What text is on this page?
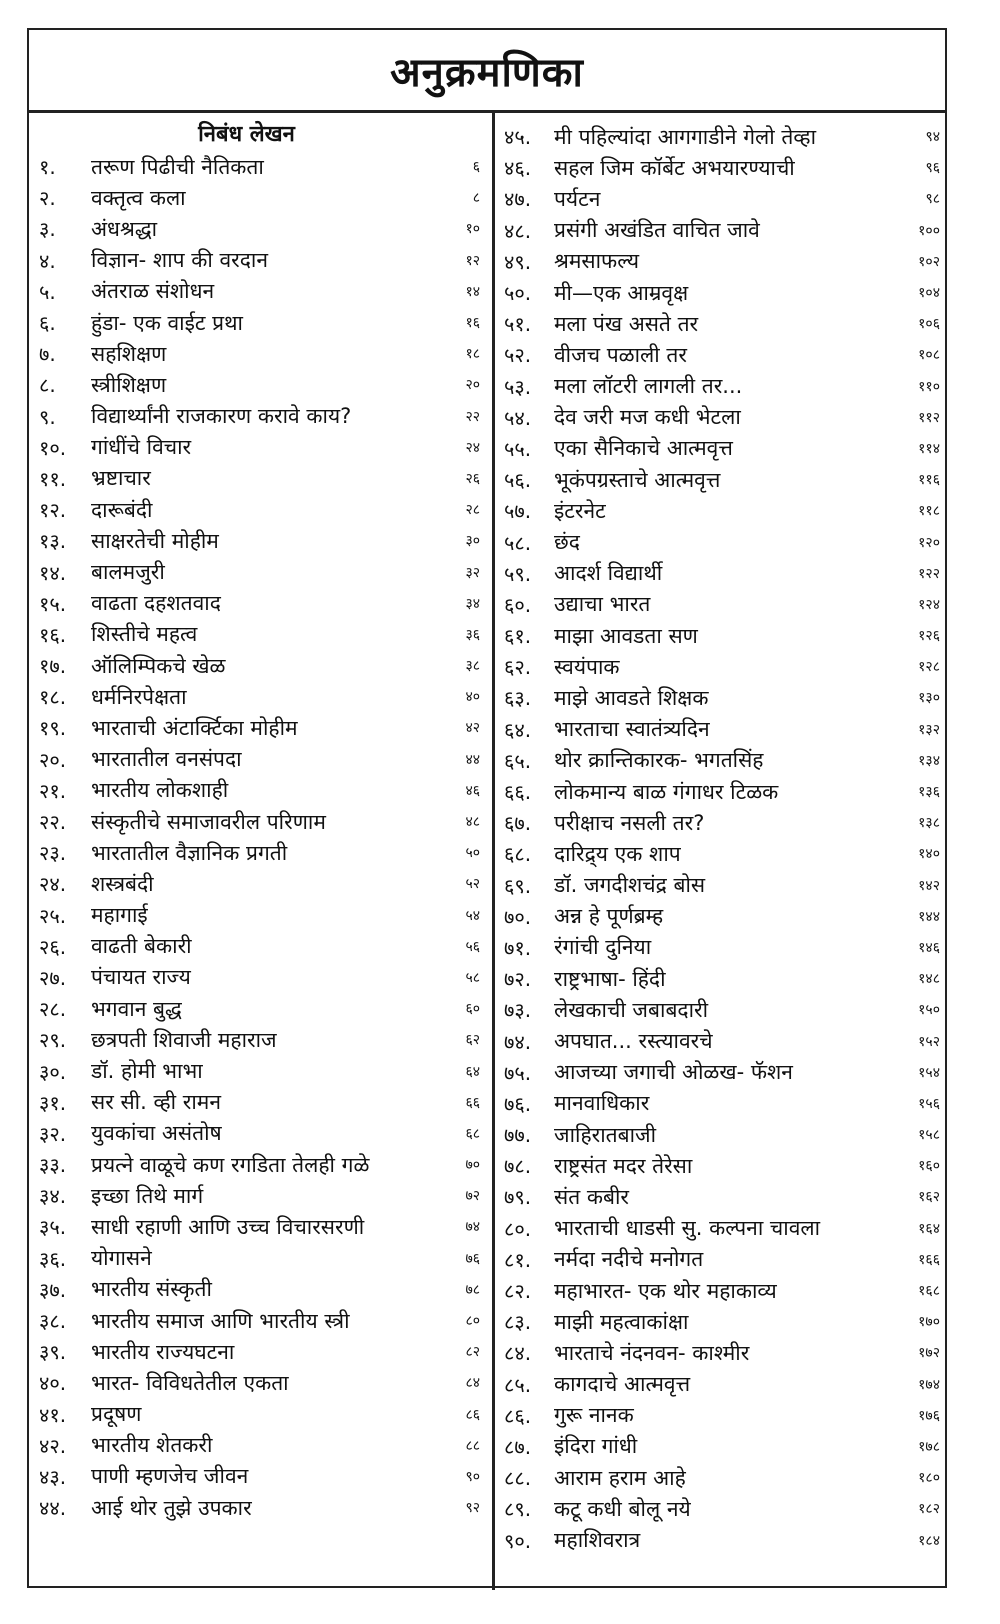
अनुक्रमणिका
निबंध लेखन
१.	तरूण पिढीची नैतिकता	६
२.	वक्तृत्व कला	८
३.	अंधश्रद्धा	१०
४.	विज्ञान- शाप की वरदान	१२
५.	अंतराळ संशोधन	१४
६.	हुंडा- एक वाईट प्रथा	१६
७.	सहशिक्षण	१८
८.	स्त्रीशिक्षण	२०
९.	विद्यार्थ्यांनी राजकारण करावे काय?	२२
१०.	गांधींचे विचार	२४
११.	भ्रष्टाचार	२६
१२.	दारूबंदी	२८
१३.	साक्षरतेची मोहीम	३०
१४.	बालमजुरी	३२
१५.	वाढता दहशतवाद	३४
१६.	शिस्तीचे महत्व	३६
१७.	ऑलिम्पिकचे खेळ	३८
१८.	धर्मनिरपेक्षता	४०
१९.	भारताची अंटार्क्टिका मोहीम	४२
२०.	भारतातील वनसंपदा	४४
२१.	भारतीय लोकशाही	४६
२२.	संस्कृतीचे समाजावरील परिणाम	४८
२३.	भारतातील वैज्ञानिक प्रगती	५०
२४.	शस्त्रबंदी	५२
२५.	महागाई	५४
२६.	वाढती बेकारी	५६
२७.	पंचायत राज्य	५८
२८.	भगवान बुद्ध	६०
२९.	छत्रपती शिवाजी महाराज	६२
३०.	डॉ. होमी भाभा	६४
३१.	सर सी. व्ही रामन	६६
३२.	युवकांचा असंतोष	६८
३३.	प्रयत्ने वाळूचे कण रगडिता तेलही गळे	७०
३४.	इच्छा तिथे मार्ग	७२
३५.	साधी रहाणी आणि उच्च विचारसरणी	७४
३६.	योगासने	७६
३७.	भारतीय संस्कृती	७८
३८.	भारतीय समाज आणि भारतीय स्त्री	८०
३९.	भारतीय राज्यघटना	८२
४०.	भारत- विविधतेतील एकता	८४
४१.	प्रदूषण	८६
४२.	भारतीय शेतकरी	८८
४३.	पाणी म्हणजेच जीवन	९०
४४.	आई थोर तुझे उपकार	९२
४५.	मी पहिल्यांदा आगगाडीने गेलो तेव्हा	९४
४६.	सहल जिम कॉर्बेट अभयारण्याची	९६
४७.	पर्यटन	९८
४८.	प्रसंगी अखंडित वाचित जावे	१००
४९.	श्रमसाफल्य	१०२
५०.	मी—एक आम्रवृक्ष	१०४
५१.	मला पंख असते तर	१०६
५२.	वीजच पळाली तर	१०८
५३.	मला लॉटरी लागली तर...	११०
५४.	देव जरी मज कधी भेटला	११२
५५.	एका सैनिकाचे आत्मवृत्त	११४
५६.	भूकंपग्रस्ताचे आत्मवृत्त	११६
५७.	इंटरनेट	११८
५८.	छंद	१२०
५९.	आदर्श विद्यार्थी	१२२
६०.	उद्याचा भारत	१२४
६१.	माझा आवडता सण	१२६
६२.	स्वयंपाक	१२८
६३.	माझे आवडते शिक्षक	१३०
६४.	भारताचा स्वातंत्र्यदिन	१३२
६५.	थोर क्रान्तिकारक- भगतसिंह	१३४
६६.	लोकमान्य बाळ गंगाधर टिळक	१३६
६७.	परीक्षाच नसली तर?	१३८
६८.	दारिद्र्य एक शाप	१४०
६९.	डॉ. जगदीशचंद्र बोस	१४२
७०.	अन्न हे पूर्णब्रम्ह	१४४
७१.	रंगांची दुनिया	१४६
७२.	राष्ट्रभाषा- हिंदी	१४८
७३.	लेखकाची जबाबदारी	१५०
७४.	अपघात... रस्त्यावरचे	१५२
७५.	आजच्या जगाची ओळख- फॅशन	१५४
७६.	मानवाधिकार	१५६
७७.	जाहिरातबाजी	१५८
७८.	राष्ट्रसंत मदर तेरेसा	१६०
७९.	संत कबीर	१६२
८०.	भारताची धाडसी सु. कल्पना चावला	१६४
८१.	नर्मदा नदीचे मनोगत	१६६
८२.	महाभारत- एक थोर महाकाव्य	१६८
८३.	माझी महत्वाकांक्षा	१७०
८४.	भारताचे नंदनवन- काश्मीर	१७२
८५.	कागदाचे आत्मवृत्त	१७४
८६.	गुरू नानक	१७६
८७.	इंदिरा गांधी	१७८
८८.	आराम हराम आहे	१८०
८९.	कटू कधी बोलू नये	१८२
९०.	महाशिवरात्र	१८४
